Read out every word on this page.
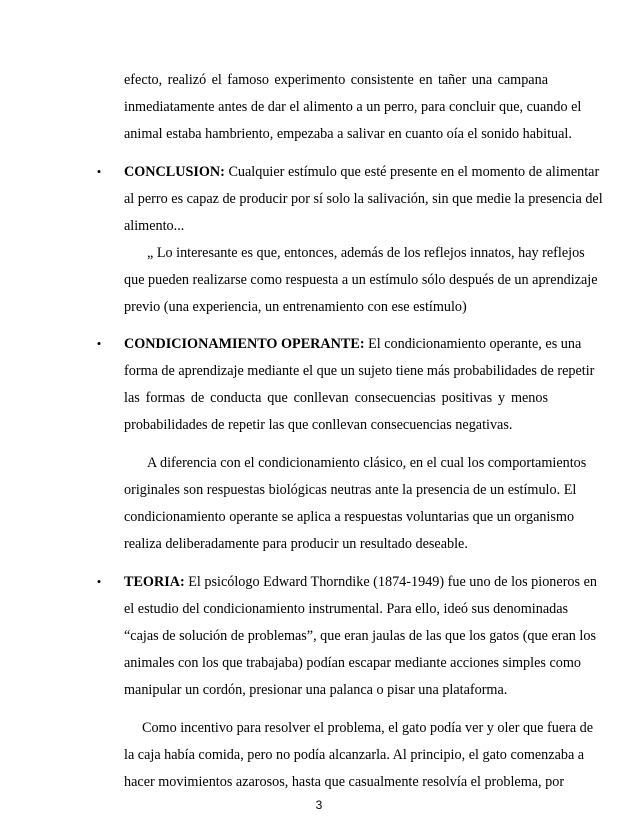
efecto, realizó el famoso experimento consistente en tañer una campana
inmediatamente antes de dar el alimento a un perro, para concluir que, cuando el
animal estaba hambriento, empezaba a salivar en cuanto oía el sonido habitual.
• CONCLUSION: Cualquier estímulo que esté presente en el momento de alimentar
al perro es capaz de producir por sí solo la salivación, sin que medie la presencia del
alimento...
„ Lo interesante es que, entonces, además de los reflejos innatos, hay reflejos
que pueden realizarse como respuesta a un estímulo sólo después de un aprendizaje
previo (una experiencia, un entrenamiento con ese estímulo)
• CONDICIONAMIENTO OPERANTE: El condicionamiento operante, es una
forma de aprendizaje mediante el que un sujeto tiene más probabilidades de repetir
las formas de conducta que conllevan consecuencias positivas y menos
probabilidades de repetir las que conllevan consecuencias negativas.
A diferencia con el condicionamiento clásico, en el cual los comportamientos
originales son respuestas biológicas neutras ante la presencia de un estímulo. El
condicionamiento operante se aplica a respuestas voluntarias que un organismo
realiza deliberadamente para producir un resultado deseable.
• TEORIA: El psicólogo Edward Thorndike (1874-1949) fue uno de los pioneros en
el estudio del condicionamiento instrumental. Para ello, ideó sus denominadas
“cajas de solución de problemas”, que eran jaulas de las que los gatos (que eran los
animales con los que trabajaba) podían escapar mediante acciones simples como
manipular un cordón, presionar una palanca o pisar una plataforma.
Como incentivo para resolver el problema, el gato podía ver y oler que fuera de
la caja había comida, pero no podía alcanzarla. Al principio, el gato comenzaba a
hacer movimientos azarosos, hasta que casualmente resolvía el problema, por
3
